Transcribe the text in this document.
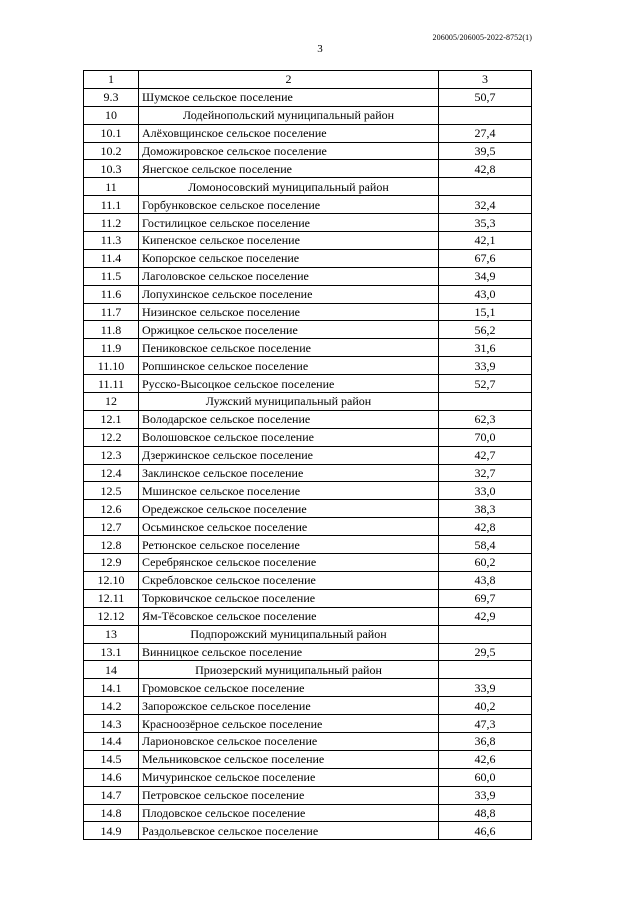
206005/206005-2022-8752(1)
3
1	2	3
9.3	Шумское сельское поселение	50,7
10	Лодейнопольский муниципальный район	
10.1	Алёховщинское сельское поселение	27,4
10.2	Доможировское сельское поселение	39,5
10.3	Янегское сельское поселение	42,8
11	Ломоносовский муниципальный район	
11.1	Горбунковское сельское поселение	32,4
11.2	Гостилицкое сельское поселение	35,3
11.3	Кипенское сельское поселение	42,1
11.4	Копорское сельское поселение	67,6
11.5	Лаголовское сельское поселение	34,9
11.6	Лопухинское сельское поселение	43,0
11.7	Низинское сельское поселение	15,1
11.8	Оржицкое сельское поселение	56,2
11.9	Пениковское сельское поселение	31,6
11.10	Ропшинское сельское поселение	33,9
11.11	Русско-Высоцкое сельское поселение	52,7
12	Лужский муниципальный район	
12.1	Володарское сельское поселение	62,3
12.2	Волошовское сельское поселение	70,0
12.3	Дзержинское сельское поселение	42,7
12.4	Заклинское сельское поселение	32,7
12.5	Мшинское сельское поселение	33,0
12.6	Оредежское сельское поселение	38,3
12.7	Осьминское сельское поселение	42,8
12.8	Ретюнское сельское поселение	58,4
12.9	Серебрянское сельское поселение	60,2
12.10	Скребловское сельское поселение	43,8
12.11	Торковичское сельское поселение	69,7
12.12	Ям-Тёсовское сельское поселение	42,9
13	Подпорожский муниципальный район	
13.1	Винницкое сельское поселение	29,5
14	Приозерский муниципальный район	
14.1	Громовское сельское поселение	33,9
14.2	Запорожское сельское поселение	40,2
14.3	Красноозёрное сельское поселение	47,3
14.4	Ларионовское сельское поселение	36,8
14.5	Мельниковское сельское поселение	42,6
14.6	Мичуринское сельское поселение	60,0
14.7	Петровское сельское поселение	33,9
14.8	Плодовское сельское поселение	48,8
14.9	Раздольевское сельское поселение	46,6
